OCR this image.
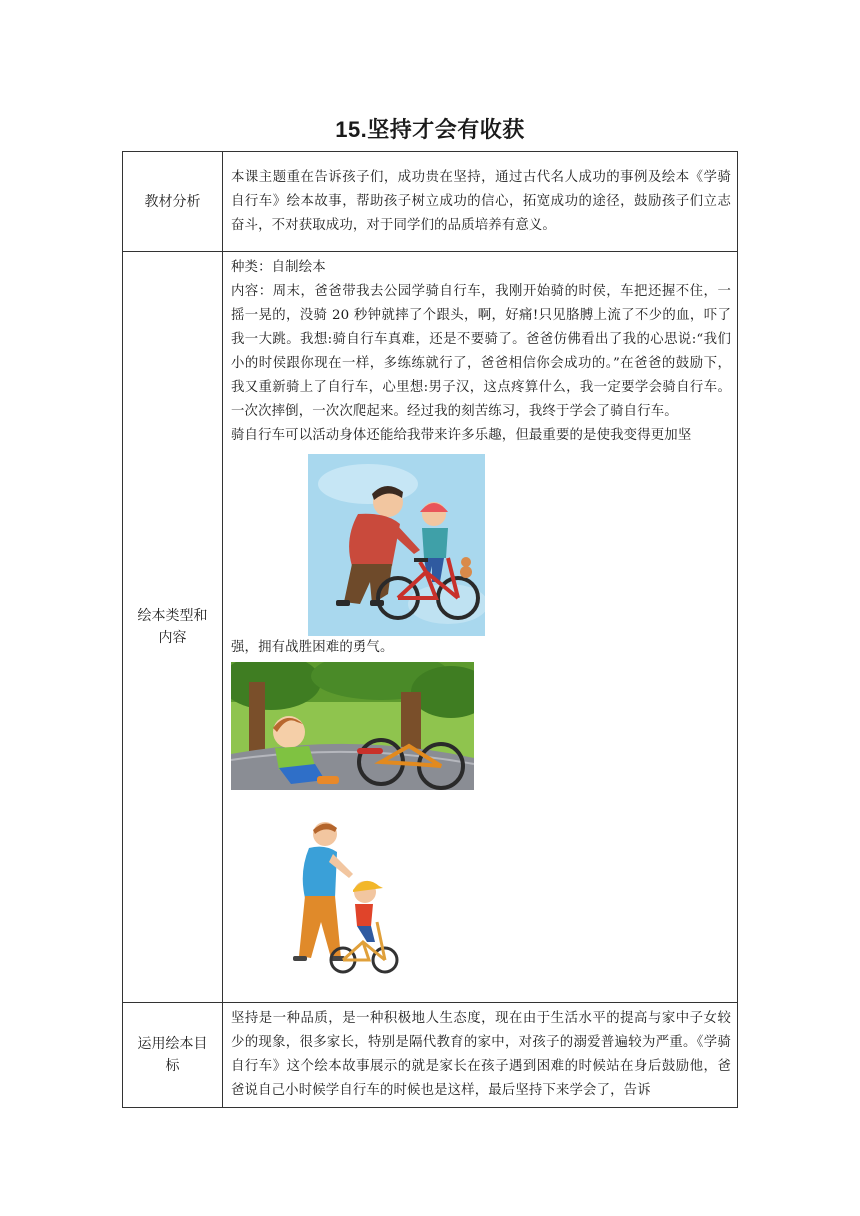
15.坚持才会有收获
教材分析	本课主题重在告诉孩子们，成功贵在坚持，通过古代名人成功的事例及绘本《学骑自行车》绘本故事，帮助孩子树立成功的信心，拓宽成功的途径，鼓励孩子们立志奋斗，不对获取成功，对于同学们的品质培养有意义。

绘本类型和内容	种类：自制绘本

内容：周末，爸爸带我去公园学骑自行车，我刚开始骑的时侯，车把还握不住，一摇一晃的，没骑 20 秒钟就摔了个跟头，啊，好痛!只见胳膊上流了不少的血，吓了我一大跳。我想:骑自行车真难，还是不要骑了。爸爸仿佛看出了我的心思说:“我们小的时侯跟你现在一样，多练练就行了，爸爸相信你会成功的。”在爸爸的鼓励下，我又重新骑上了自行车，心里想:男子汉，这点疼算什么，我一定要学会骑自行车。一次次摔倒，一次次爬起来。经过我的刻苦练习，我终于学会了骑自行车。

骑自行车可以活动身体还能给我带来许多乐趣，但最重要的是使我变得更加坚

强，拥有战胜困难的勇气。

运用绘本目标	坚持是一种品质，是一种积极地人生态度，现在由于生活水平的提高与家中子女较少的现象，很多家长，特别是隔代教育的家中，对孩子的溺爱普遍较为严重。《学骑自行车》这个绘本故事展示的就是家长在孩子遇到困难的时候站在身后鼓励他，爸爸说自己小时候学自行车的时候也是这样，最后坚持下来学会了，告诉
